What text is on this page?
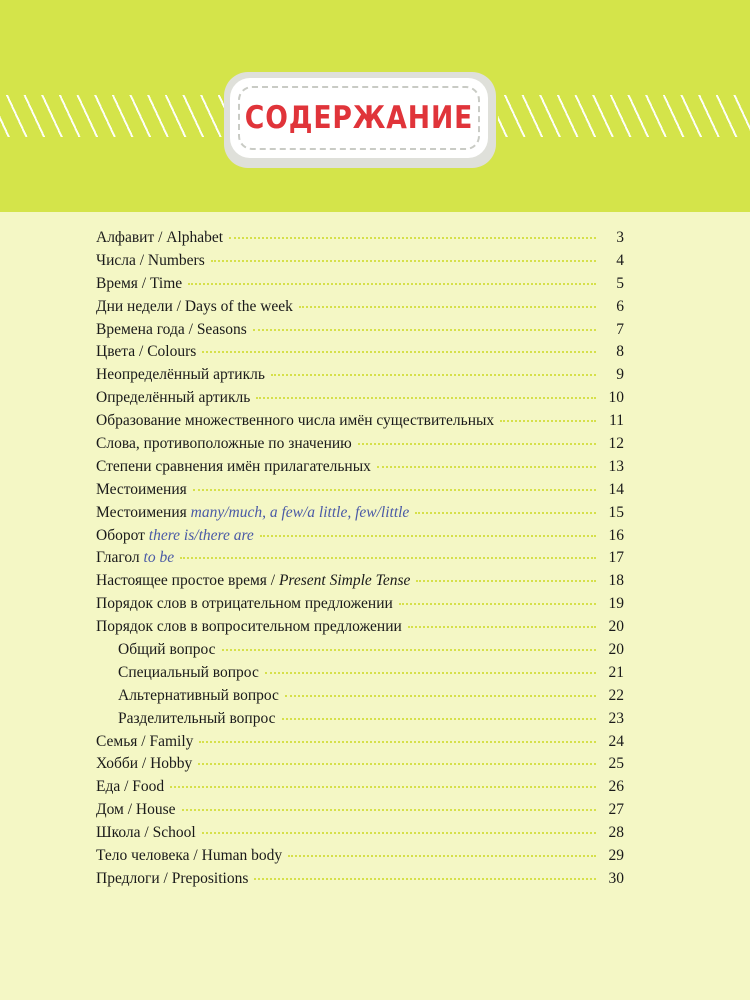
СОДЕРЖАНИЕ
Алфавит / Alphabet	3
Числа / Numbers	4
Время / Time	5
Дни недели / Days of the week	6
Времена года / Seasons	7
Цвета / Colours	8
Неопределённый артикль	9
Определённый артикль	10
Образование множественного числа имён существительных	11
Слова, противоположные по значению	12
Степени сравнения имён прилагательных	13
Местоимения	14
Местоимения many/much, a few/a little, few/little	15
Оборот there is/there are	16
Глагол to be	17
Настоящее простое время / Present Simple Tense	18
Порядок слов в отрицательном предложении	19
Порядок слов в вопросительном предложении	20
Общий вопрос	20
Специальный вопрос	21
Альтернативный вопрос	22
Разделительный вопрос	23
Семья / Family	24
Хобби / Hobby	25
Еда / Food	26
Дом / House	27
Школа / School	28
Тело человека / Human body	29
Предлоги / Prepositions	30
